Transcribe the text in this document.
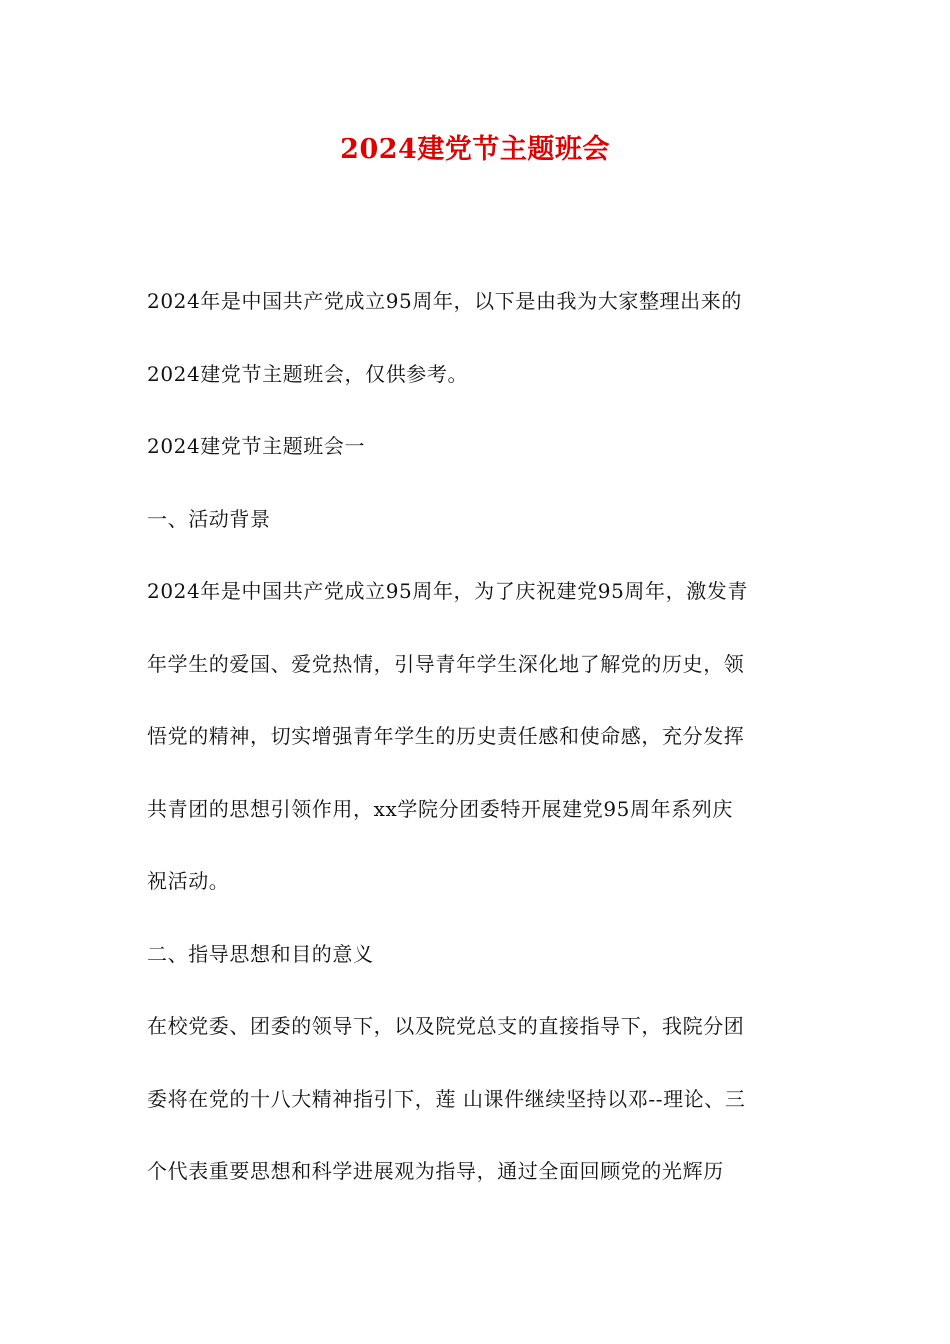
2024建党节主题班会
2024年是中国共产党成立95周年，以下是由我为大家整理出来的
2024建党节主题班会，仅供参考。
2024建党节主题班会一
一、活动背景
2024年是中国共产党成立95周年，为了庆祝建党95周年，激发青
年学生的爱国、爱党热情，引导青年学生深化地了解党的历史，领
悟党的精神，切实增强青年学生的历史责任感和使命感，充分发挥
共青团的思想引领作用，xx学院分团委特开展建党95周年系列庆
祝活动。
二、指导思想和目的意义
在校党委、团委的领导下，以及院党总支的直接指导下，我院分团
委将在党的十八大精神指引下，莲 山课件继续坚持以邓--理论、三
个代表重要思想和科学进展观为指导，通过全面回顾党的光辉历
